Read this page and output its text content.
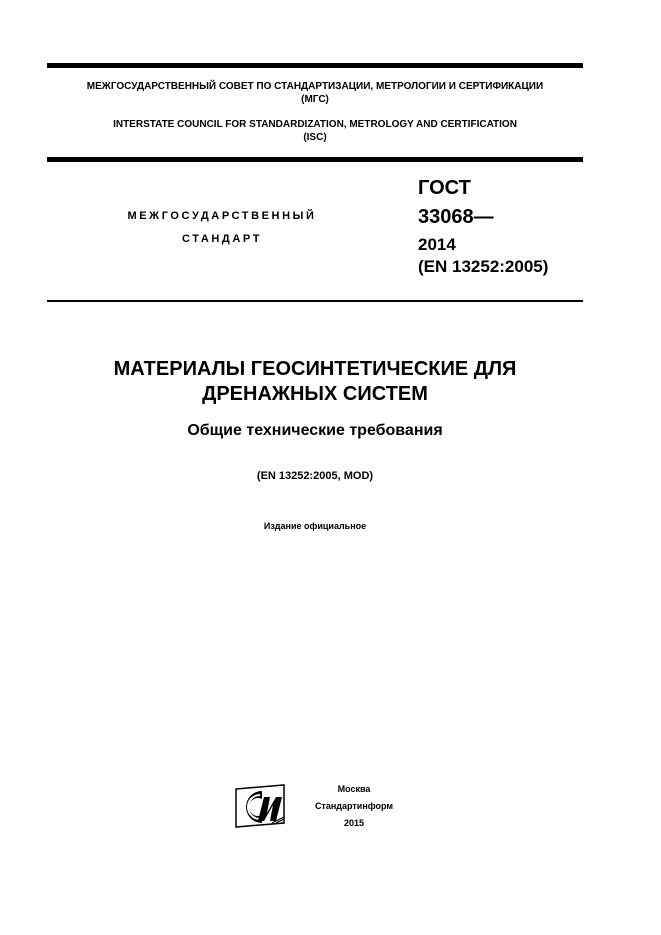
МЕЖГОСУДАРСТВЕННЫЙ СОВЕТ ПО СТАНДАРТИЗАЦИИ, МЕТРОЛОГИИ И СЕРТИФИКАЦИИ
(МГС)
INTERSTATE COUNCIL FOR STANDARDIZATION, METROLOGY AND CERTIFICATION
(ISC)
МЕЖГОСУДАРСТВЕННЫЙ
СТАНДАРТ
ГОСТ
33068—
2014
(EN 13252:2005)
МАТЕРИАЛЫ ГЕОСИНТЕТИЧЕСКИЕ ДЛЯ
ДРЕНАЖНЫХ СИСТЕМ
Общие технические требования
(EN 13252:2005, MOD)
Издание официальное
Москва
Стандартинформ
2015
